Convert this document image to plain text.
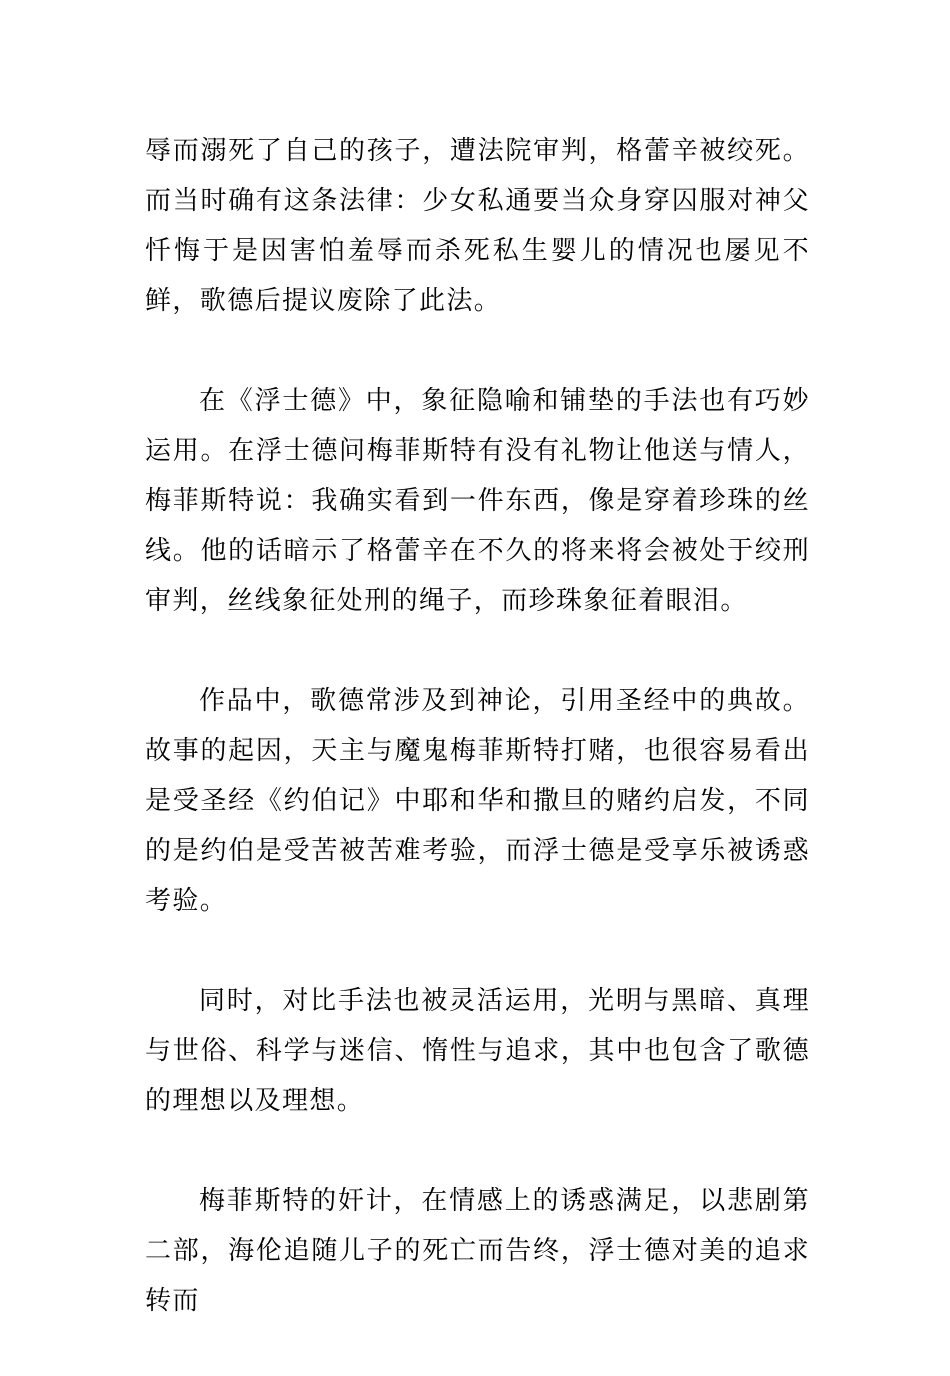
辱而溺死了自己的孩子，遭法院审判，格蕾辛被绞死。而当时确有这条法律：少女私通要当众身穿囚服对神父忏悔于是因害怕羞辱而杀死私生婴儿的情况也屡见不鲜，歌德后提议废除了此法。

在《浮士德》中，象征隐喻和铺垫的手法也有巧妙运用。在浮士德问梅菲斯特有没有礼物让他送与情人，梅菲斯特说：我确实看到一件东西，像是穿着珍珠的丝线。他的话暗示了格蕾辛在不久的将来将会被处于绞刑审判，丝线象征处刑的绳子，而珍珠象征着眼泪。

作品中，歌德常涉及到神论，引用圣经中的典故。故事的起因，天主与魔鬼梅菲斯特打赌，也很容易看出是受圣经《约伯记》中耶和华和撒旦的赌约启发，不同的是约伯是受苦被苦难考验，而浮士德是受享乐被诱惑考验。

同时，对比手法也被灵活运用，光明与黑暗、真理与世俗、科学与迷信、惰性与追求，其中也包含了歌德的理想以及理想。

梅菲斯特的奸计，在情感上的诱惑满足，以悲剧第二部，海伦追随儿子的死亡而告终，浮士德对美的追求转而
